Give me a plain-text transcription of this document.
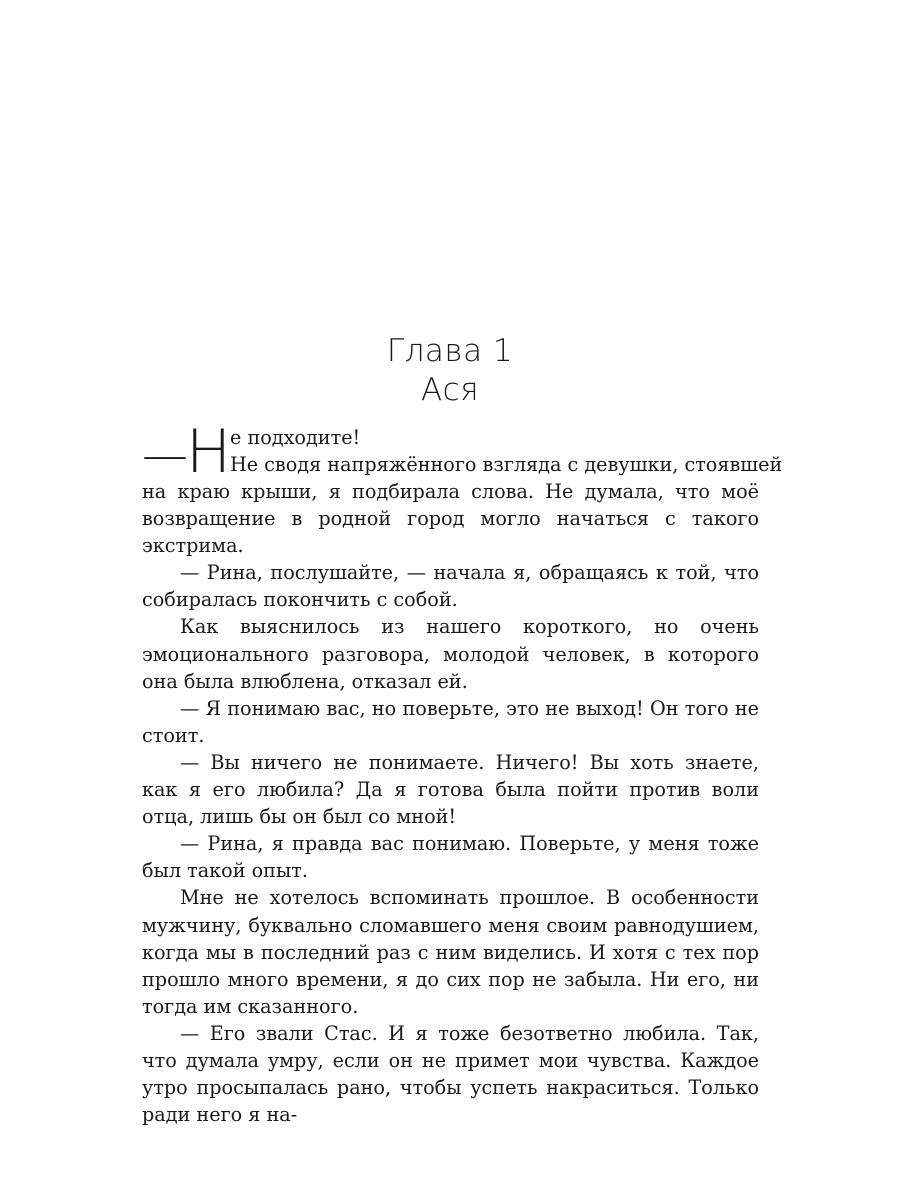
Глава 1
Ася
—
Н
е подходите!
Не сводя напряжённого взгляда с девушки, стоявшей

на краю крыши, я подбирала слова. Не думала, что моё возвращение в родной город могло начаться с такого экстрима.

— Рина, послушайте, — начала я, обращаясь к той, что собиралась покончить с собой.

Как выяснилось из нашего короткого, но очень эмоционального разговора, молодой человек, в которого она была влюблена, отказал ей.

— Я понимаю вас, но поверьте, это не выход! Он того не стоит.

— Вы ничего не понимаете. Ничего! Вы хоть знаете, как я его любила? Да я готова была пойти против воли отца, лишь бы он был со мной!

— Рина, я правда вас понимаю. Поверьте, у меня тоже был такой опыт.

Мне не хотелось вспоминать прошлое. В особенности мужчину, буквально сломавшего меня своим равнодушием, когда мы в последний раз с ним виделись. И хотя с тех пор прошло много времени, я до сих пор не забыла. Ни его, ни тогда им сказанного.

— Его звали Стас. И я тоже безответно любила. Так, что думала умру, если он не примет мои чувства. Каждое утро просыпалась рано, чтобы успеть накраситься. Только ради него я на-
